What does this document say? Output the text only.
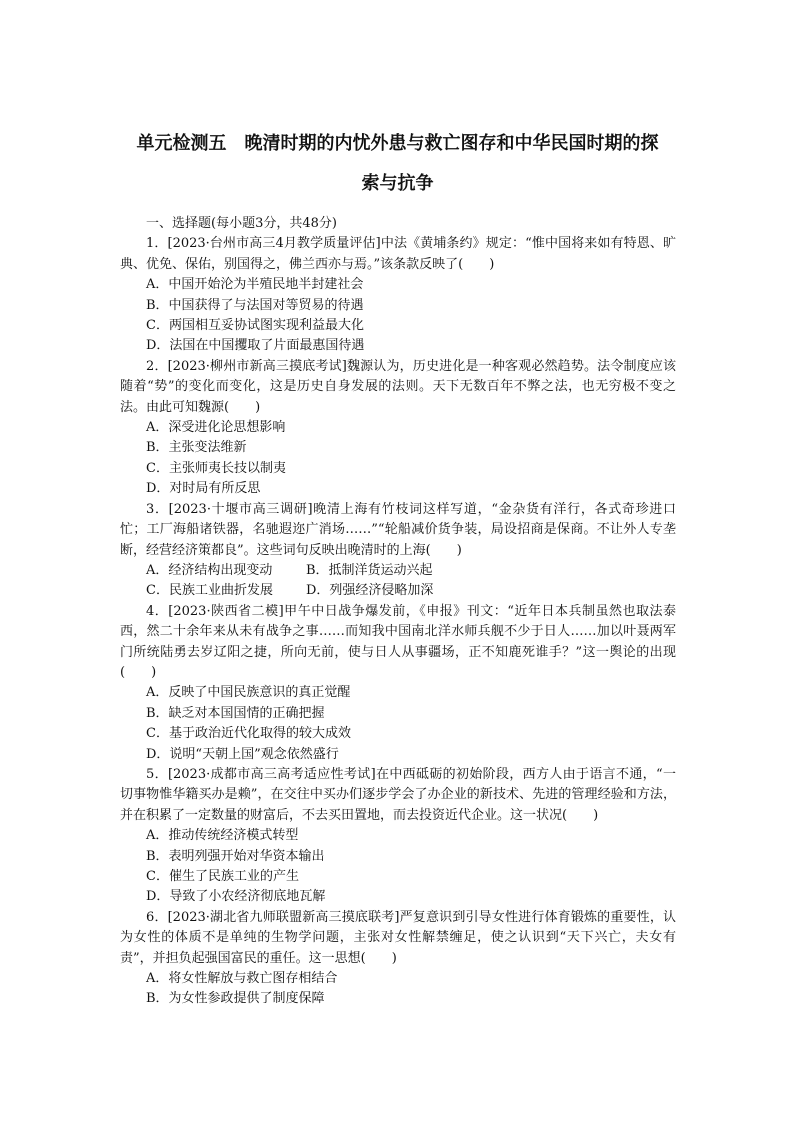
单元检测五　晚清时期的内忧外患与救亡图存和中华民国时期的探
索与抗争

一、选择题(每小题3分，共48分)

1．[2023·台州市高三4月教学质量评估]中法《黄埔条约》规定：“惟中国将来如有特恩、旷典、优免、保佑，别国得之，佛兰西亦与焉。”该条款反映了(　　)

A．中国开始沦为半殖民地半封建社会

B．中国获得了与法国对等贸易的待遇

C．两国相互妥协试图实现利益最大化

D．法国在中国攫取了片面最惠国待遇

2．[2023·柳州市新高三摸底考试]魏源认为，历史进化是一种客观必然趋势。法令制度应该随着“势”的变化而变化，这是历史自身发展的法则。天下无数百年不弊之法，也无穷极不变之法。由此可知魏源(　　)

A．深受进化论思想影响

B．主张变法维新

C．主张师夷长技以制夷

D．对时局有所反思

3．[2023·十堰市高三调研]晚清上海有竹枝词这样写道，“金杂货有洋行，各式奇珍进口忙；工厂海船诸铁器，名驰遐迩广消场……”“轮船减价货争装，局设招商是保商。不让外人专垄断，经营经济策都良”。这些词句反映出晚清时的上海(　　)

A．经济结构出现变动	B．抵制洋货运动兴起
C．民族工业曲折发展	D．列强经济侵略加深

4．[2023·陕西省二模]甲午中日战争爆发前，《申报》刊文：“近年日本兵制虽然也取法泰西，然二十余年来从未有战争之事……而知我中国南北洋水师兵舰不少于日人……加以叶聂两军门所统陆勇去岁辽阳之捷，所向无前，使与日人从事疆场，正不知鹿死谁手？”这一舆论的出现(　　)

A．反映了中国民族意识的真正觉醒

B．缺乏对本国国情的正确把握

C．基于政治近代化取得的较大成效

D．说明“天朝上国”观念依然盛行

5．[2023·成都市高三高考适应性考试]在中西砥砺的初始阶段，西方人由于语言不通，“一切事物惟华籍买办是赖”，在交往中买办们逐步学会了办企业的新技术、先进的管理经验和方法，并在积累了一定数量的财富后，不去买田置地，而去投资近代企业。这一状况(　　)

A．推动传统经济模式转型

B．表明列强开始对华资本输出

C．催生了民族工业的产生

D．导致了小农经济彻底地瓦解

6．[2023·湖北省九师联盟新高三摸底联考]严复意识到引导女性进行体育锻炼的重要性，认为女性的体质不是单纯的生物学问题，主张对女性解禁缠足，使之认识到“天下兴亡，夫女有责”，并担负起强国富民的重任。这一思想(　　)

A．将女性解放与救亡图存相结合

B．为女性参政提供了制度保障
